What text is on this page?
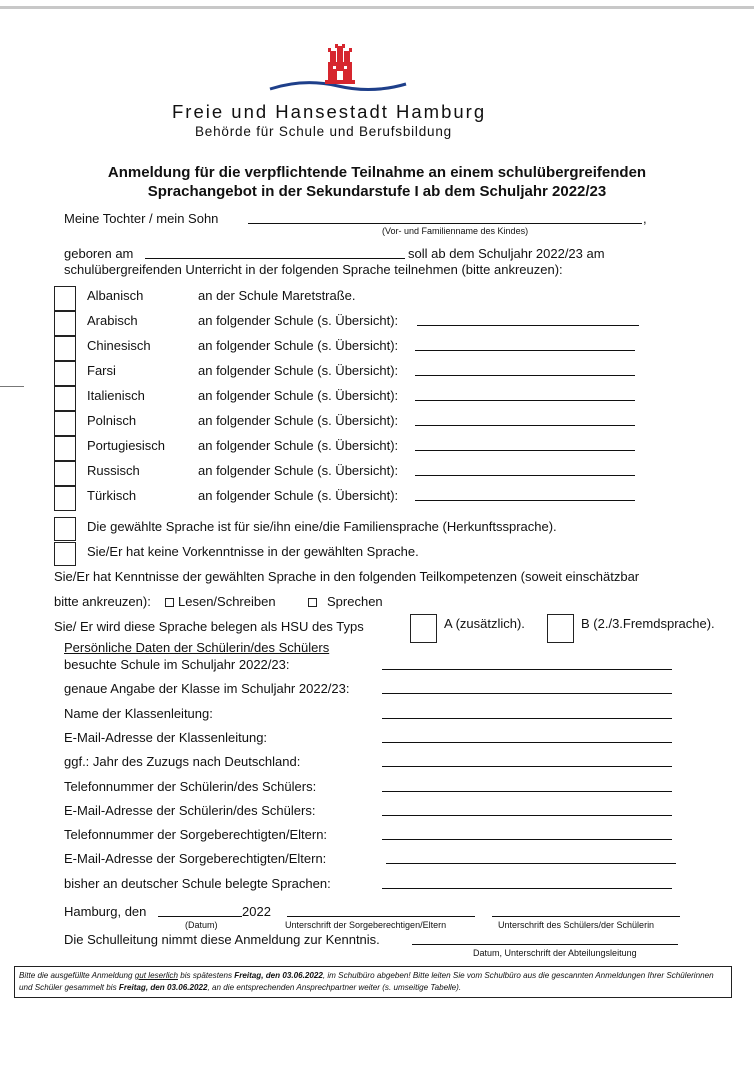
Freie und Hansestadt Hamburg
Behörde für Schule und Berufsbildung
Anmeldung für die verpflichtende Teilnahme an einem schulübergreifenden
Sprachangebot in der Sekundarstufe I ab dem Schuljahr 2022/23
Meine Tochter / mein Sohn	,
(Vor- und Familienname des Kindes)
geboren am	soll ab dem Schuljahr 2022/23 am
schulübergreifenden Unterricht in der folgenden Sprache teilnehmen (bitte ankreuzen):
Albanisch	an der Schule Maretstraße.
Arabisch	an folgender Schule (s. Übersicht):
Chinesisch	an folgender Schule (s. Übersicht):
Farsi	an folgender Schule (s. Übersicht):
Italienisch	an folgender Schule (s. Übersicht):
Polnisch	an folgender Schule (s. Übersicht):
Portugiesisch	an folgender Schule (s. Übersicht):
Russisch	an folgender Schule (s. Übersicht):
Türkisch	an folgender Schule (s. Übersicht):
Die gewählte Sprache ist für sie/ihn eine/die Familiensprache (Herkunftssprache).
Sie/Er hat keine Vorkenntnisse in der gewählten Sprache.
Sie/Er hat Kenntnisse der gewählten Sprache in den folgenden Teilkompetenzen (soweit einschätzbar
bitte ankreuzen):	Lesen/Schreiben	Sprechen
Sie/ Er wird diese Sprache belegen als HSU des Typs	A (zusätzlich).	B (2./3.Fremdsprache).
Persönliche Daten der Schülerin/des Schülers
besuchte Schule im Schuljahr 2022/23:
genaue Angabe der Klasse im Schuljahr 2022/23:
Name der Klassenleitung:
E-Mail-Adresse der Klassenleitung:
ggf.: Jahr des Zuzugs nach Deutschland:
Telefonnummer der Schülerin/des Schülers:
E-Mail-Adresse der Schülerin/des Schülers:
Telefonnummer der Sorgeberechtigten/Eltern:
E-Mail-Adresse der Sorgeberechtigten/Eltern:
bisher an deutscher Schule belegte Sprachen:
Hamburg, den	2022
(Datum)	Unterschrift der Sorgeberechtigen/Eltern	Unterschrift des Schülers/der Schülerin
Die Schulleitung nimmt diese Anmeldung zur Kenntnis.
Datum, Unterschrift der Abteilungsleitung
Bitte die ausgefüllte Anmeldung gut leserlich bis spätestens Freitag, den 03.06.2022, im Schulbüro abgeben! Bitte leiten Sie vom Schulbüro aus die gescannten Anmeldungen Ihrer Schülerinnen und Schüler gesammelt bis Freitag, den 03.06.2022, an die entsprechenden Ansprechpartner weiter (s. umseitige Tabelle).
